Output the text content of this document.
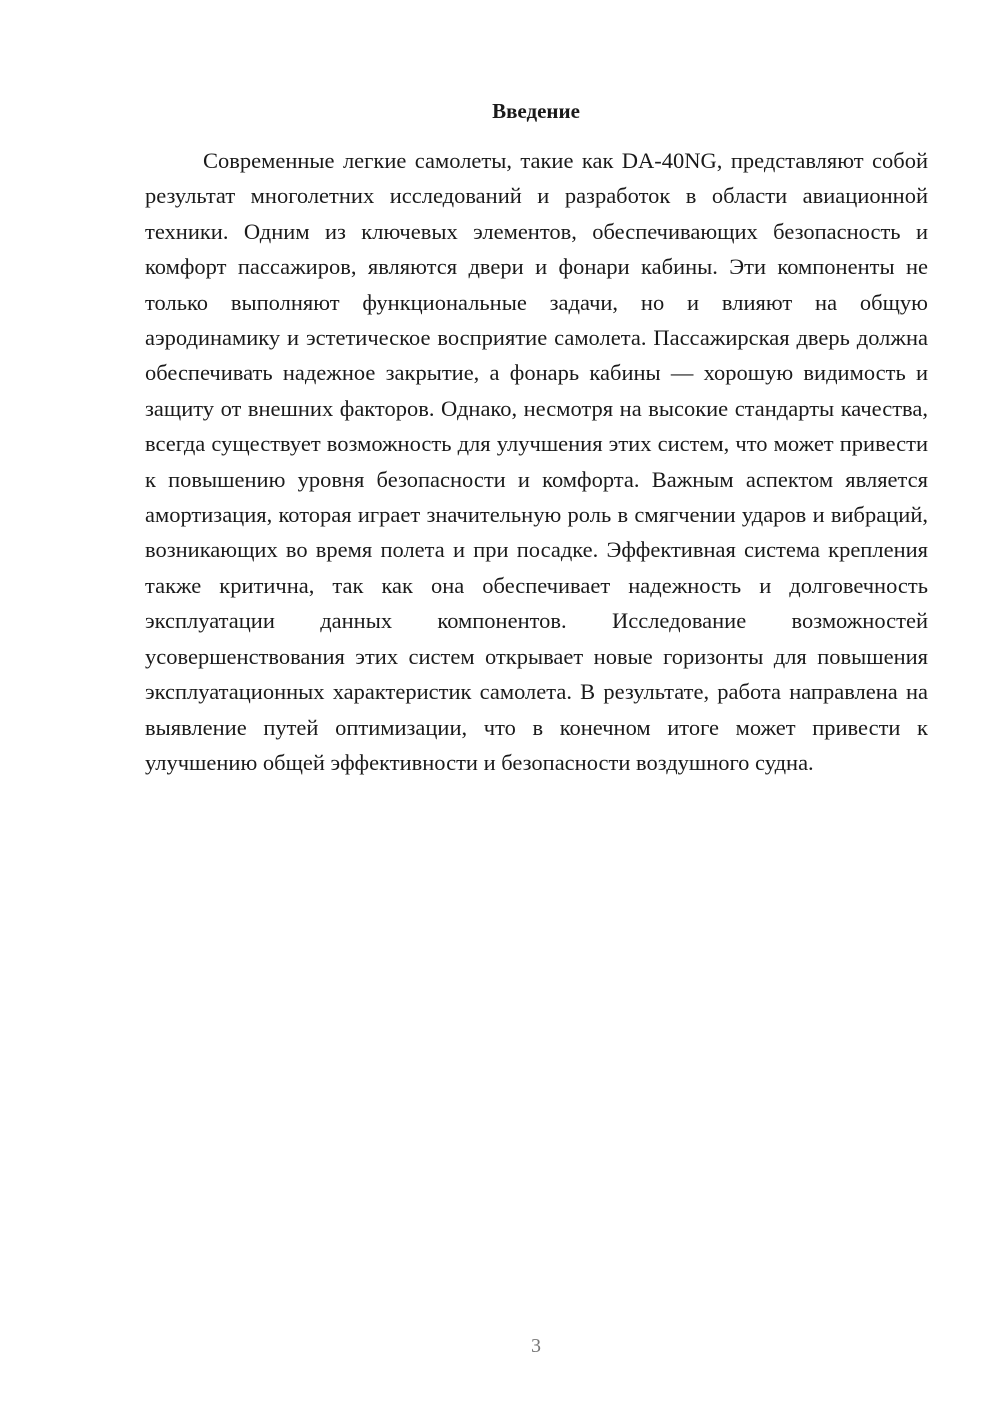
Введение

Современные легкие самолеты, такие как DA-40NG, представляют собой результат многолетних исследований и разработок в области авиационной техники. Одним из ключевых элементов, обеспечивающих безопасность и комфорт пассажиров, являются двери и фонари кабины. Эти компоненты не только выполняют функциональные задачи, но и влияют на общую аэродинамику и эстетическое восприятие самолета. Пассажирская дверь должна обеспечивать надежное закрытие, а фонарь кабины — хорошую видимость и защиту от внешних факторов. Однако, несмотря на высокие стандарты качества, всегда существует возможность для улучшения этих систем, что может привести к повышению уровня безопасности и комфорта. Важным аспектом является амортизация, которая играет значительную роль в смягчении ударов и вибраций, возникающих во время полета и при посадке. Эффективная система крепления также критична, так как она обеспечивает надежность и долговечность эксплуатации данных компонентов. Исследование возможностей усовершенствования этих систем открывает новые горизонты для повышения эксплуатационных характеристик самолета. В результате, работа направлена на выявление путей оптимизации, что в конечном итоге может привести к улучшению общей эффективности и безопасности воздушного судна.

3
